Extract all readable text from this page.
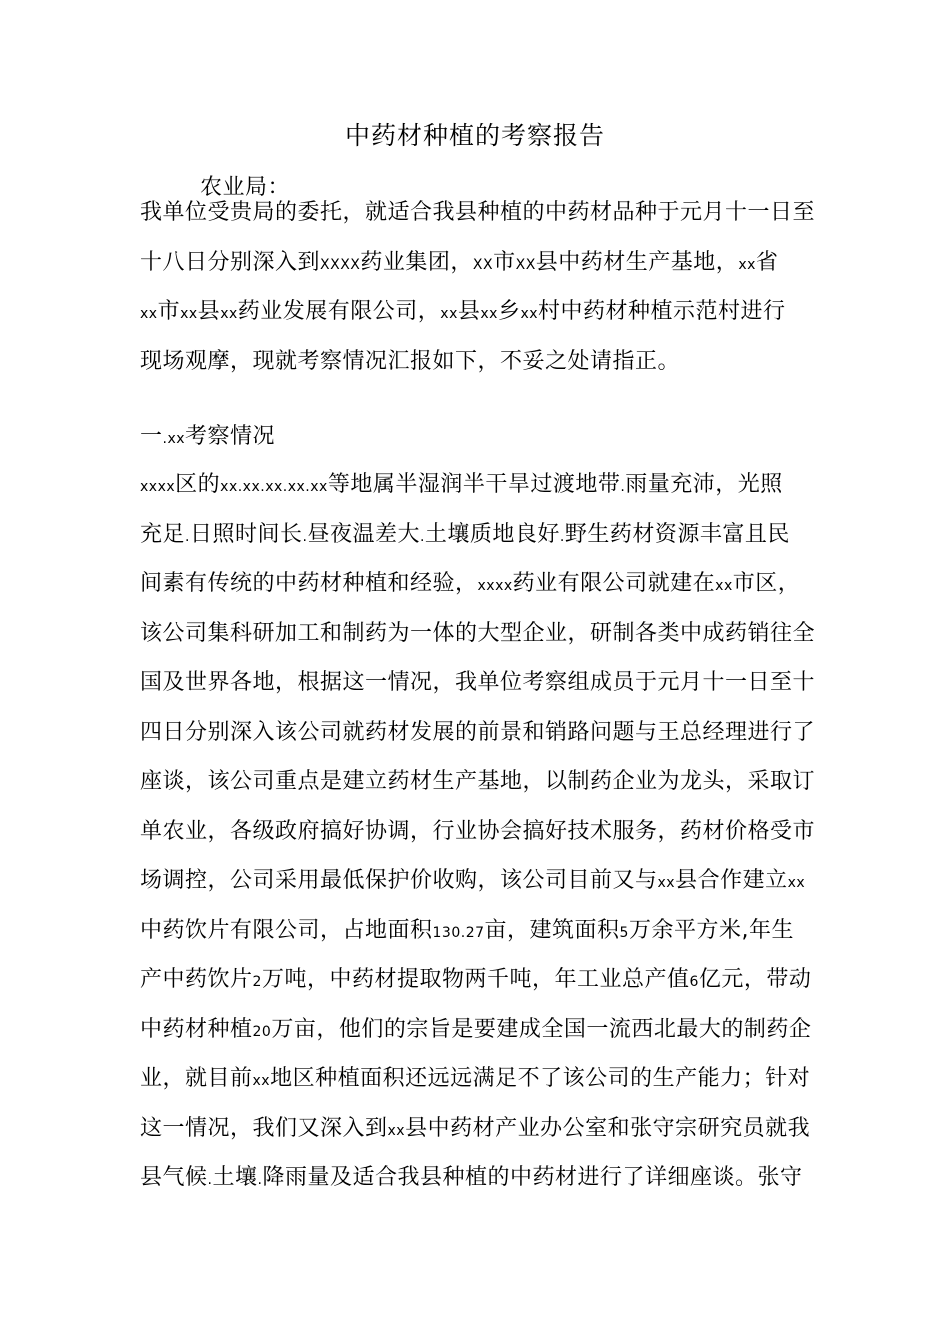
中药材种植的考察报告
农业局：
我单位受贵局的委托，就适合我县种植的中药材品种于元月十一日至
十八日分别深入到XXXX药业集团，XX市XX县中药材生产基地，xx省
xx市xx县xx药业发展有限公司，xx县xx乡xx村中药材种植示范村进行
现场观摩，现就考察情况汇报如下，不妥之处请指正。
一.xx考察情况
xxxx区的xx.xx.xx.xx.xx等地属半湿润半干旱过渡地带.雨量充沛，光照
充足.日照时间长.昼夜温差大.土壤质地良好.野生药材资源丰富且民
间素有传统的中药材种植和经验，xxxx药业有限公司就建在xx市区，
该公司集科研加工和制药为一体的大型企业，研制各类中成药销往全
国及世界各地，根据这一情况，我单位考察组成员于元月十一日至十
四日分别深入该公司就药材发展的前景和销路问题与王总经理进行了
座谈，该公司重点是建立药材生产基地，以制药企业为龙头，采取订
单农业，各级政府搞好协调，行业协会搞好技术服务，药材价格受市
场调控，公司采用最低保护价收购，该公司目前又与xx县合作建立xx
中药饮片有限公司，占地面积130.27亩，建筑面积5万余平方米,年生
产中药饮片2万吨，中药材提取物两千吨，年工业总产值6亿元，带动
中药材种植20万亩，他们的宗旨是要建成全国一流西北最大的制药企
业，就目前xx地区种植面积还远远满足不了该公司的生产能力；针对
这一情况，我们又深入到xx县中药材产业办公室和张守宗研究员就我
县气候.土壤.降雨量及适合我县种植的中药材进行了详细座谈。张守
